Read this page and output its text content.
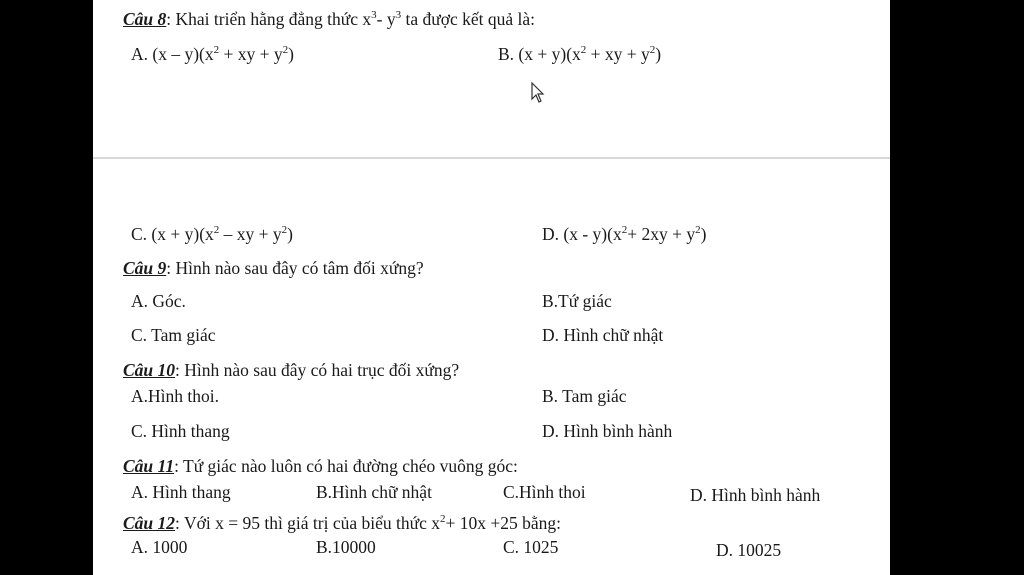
Câu 8: Khai triển hằng đẳng thức $x^3-$ $y^3$ ta được kết quả là:
A. $(x - y)(x^2$ + xy + $y^2$)	B. $(x + y)(x^2$ + xy + $y^2$)
C. $(x + y)(x^2$ – xy + $y^2$)	D. $(x - y)(x^2+ 2xy + y^2)$
Câu 9: Hình nào sau đây có tâm đối xứng?
A. Góc.	B.Tứ giác
C. Tam giác	D. Hình chữ nhật
Câu 10: Hình nào sau đây có hai trục đối xứng?
A.Hình thoi.	B. Tam giác
C. Hình thang	D. Hình bình hành
Câu 11: Tứ giác nào luôn có hai đường chéo vuông góc:
A. Hình thang	B.Hình chữ nhật	C.Hình thoi	D. Hình bình hành
Câu 12: Với x = 95 thì giá trị của biểu thức $x^2+ 10x +25$ bằng:
A. 1000	B.10000	C. 1025	D. 10025
